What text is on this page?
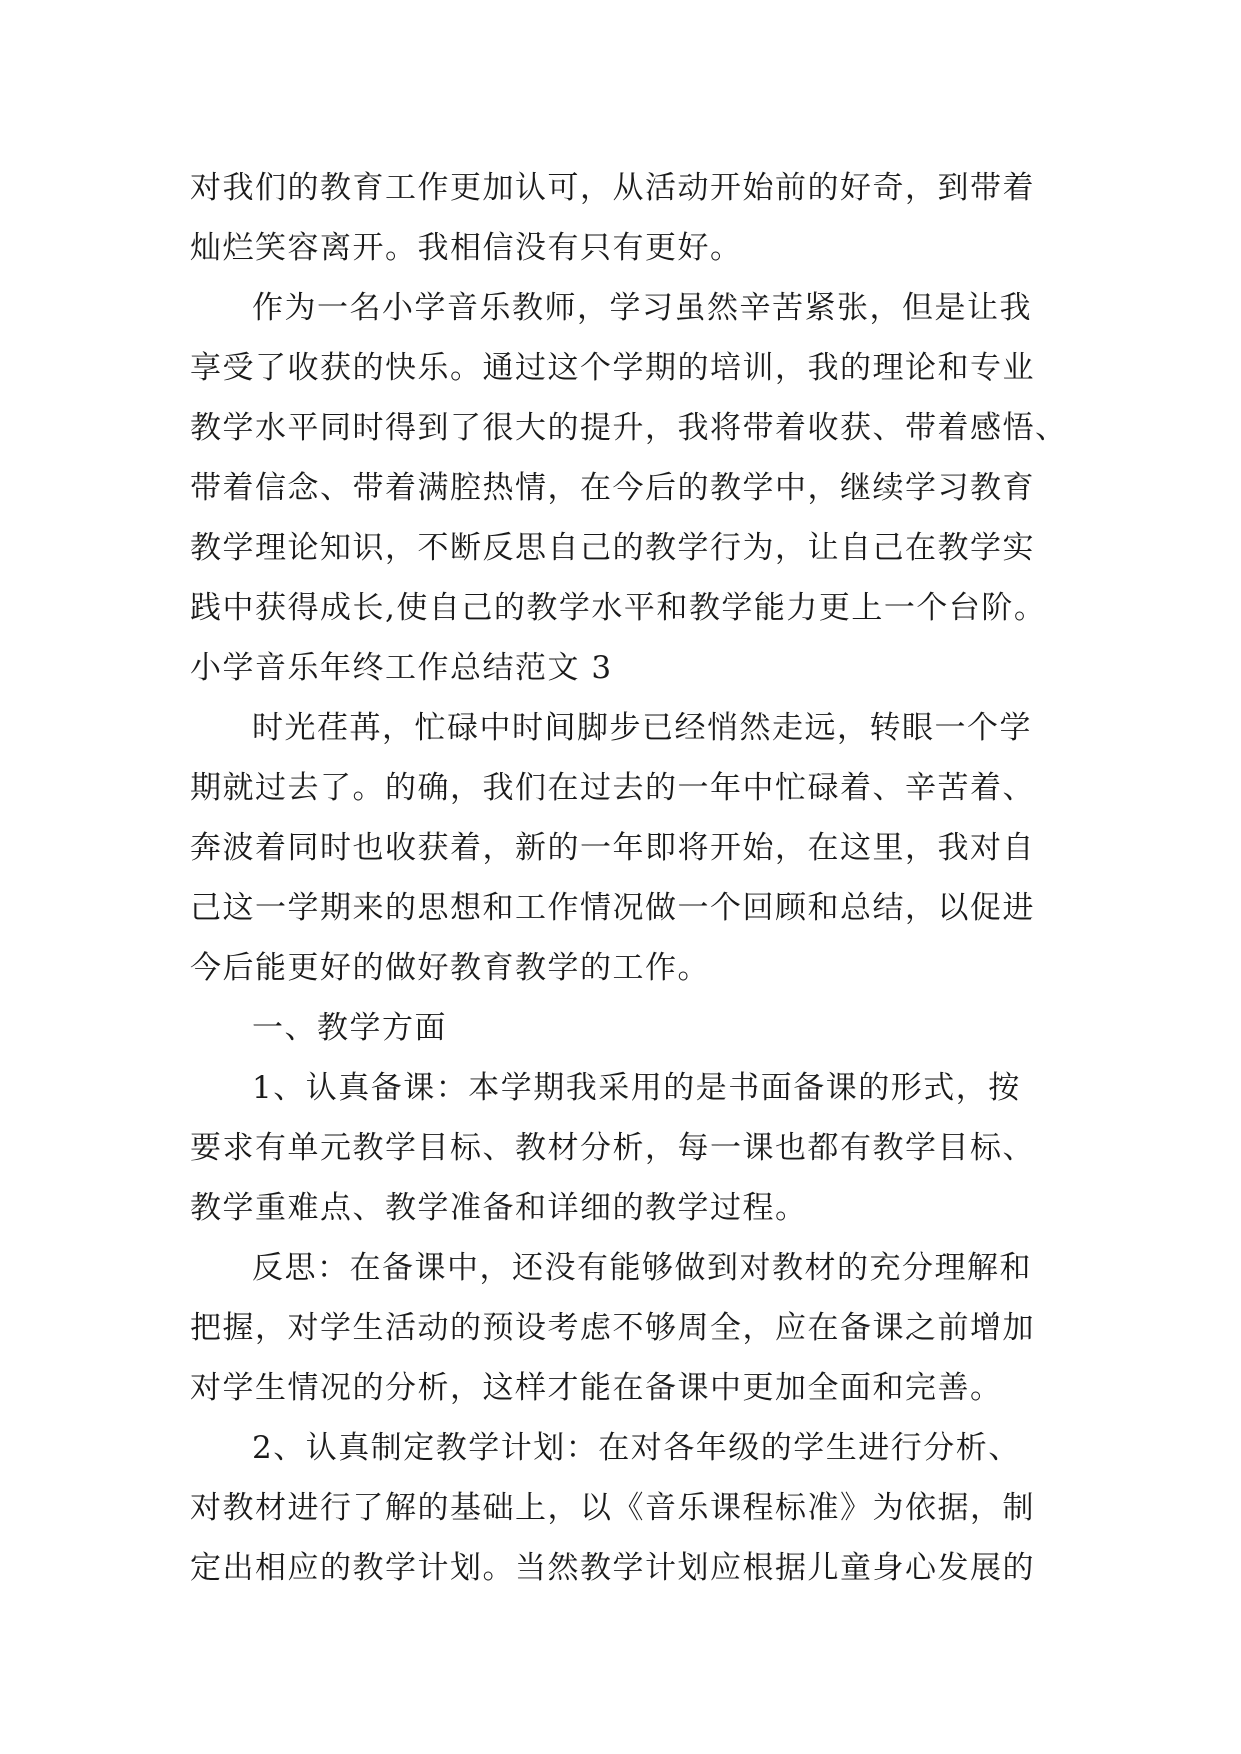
对我们的教育工作更加认可，从活动开始前的好奇，到带着
灿烂笑容离开。我相信没有只有更好。
作为一名小学音乐教师，学习虽然辛苦紧张，但是让我
享受了收获的快乐。通过这个学期的培训，我的理论和专业
教学水平同时得到了很大的提升，我将带着收获、带着感悟、
带着信念、带着满腔热情，在今后的教学中，继续学习教育
教学理论知识，不断反思自己的教学行为，让自己在教学实
践中获得成长,使自己的教学水平和教学能力更上一个台阶。
小学音乐年终工作总结范文 3
时光荏苒，忙碌中时间脚步已经悄然走远，转眼一个学
期就过去了。的确，我们在过去的一年中忙碌着、辛苦着、
奔波着同时也收获着，新的一年即将开始，在这里，我对自
己这一学期来的思想和工作情况做一个回顾和总结，以促进
今后能更好的做好教育教学的工作。
一、教学方面
1、认真备课：本学期我采用的是书面备课的形式，按
要求有单元教学目标、教材分析，每一课也都有教学目标、
教学重难点、教学准备和详细的教学过程。
反思：在备课中，还没有能够做到对教材的充分理解和
把握，对学生活动的预设考虑不够周全，应在备课之前增加
对学生情况的分析，这样才能在备课中更加全面和完善。
2、认真制定教学计划：在对各年级的学生进行分析、
对教材进行了解的基础上，以《音乐课程标准》为依据，制
定出相应的教学计划。当然教学计划应根据儿童身心发展的
